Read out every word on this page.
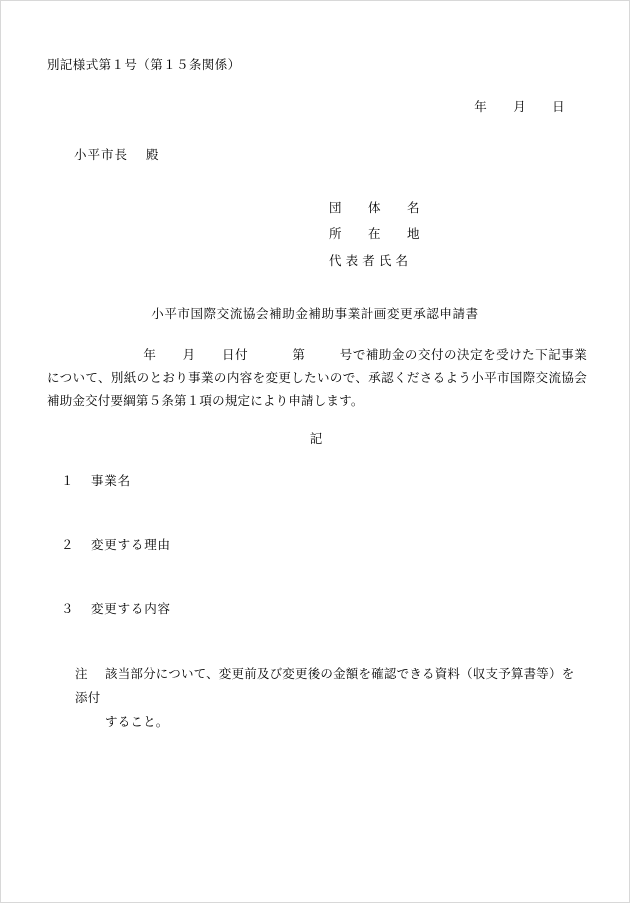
別記様式第１号（第１５条関係）
年 月 日
小平市長 殿
団　　体　　名
所　　在　　地
代 表 者 氏 名
小平市国際交流協会補助金補助事業計画変更承認申請書
年 月 日付	第	号で補助金の交付の決定を受けた下記事業について、別紙のとおり事業の内容を変更したいので、承認くださるよう小平市国際交流協会補助金交付要綱第５条第１項の規定により申請します。
記
１ 事業名
２ 変更する理由
３ 変更する内容
注 該当部分について、変更前及び変更後の金額を確認できる資料（収支予算書等）を添付
すること。
